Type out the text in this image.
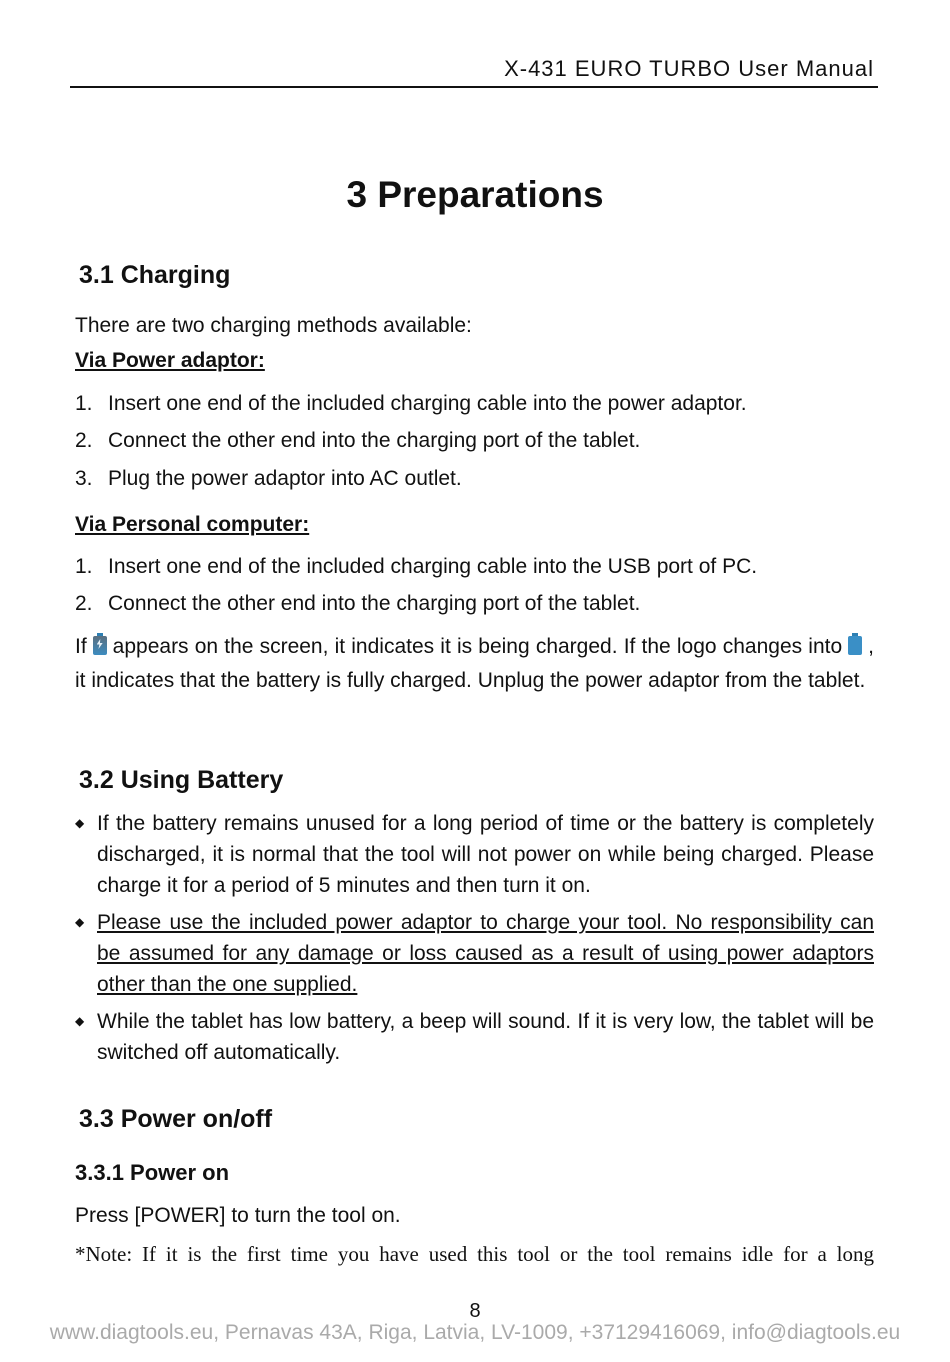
X-431 EURO TURBO User Manual
3 Preparations
3.1 Charging
There are two charging methods available:
Via Power adaptor:
1. Insert one end of the included charging cable into the power adaptor.
2. Connect the other end into the charging port of the tablet.
3. Plug the power adaptor into AC outlet.
Via Personal computer:
1. Insert one end of the included charging cable into the USB port of PC.
2. Connect the other end into the charging port of the tablet.
If appears on the screen, it indicates it is being charged. If the logo changes into , it indicates that the battery is fully charged. Unplug the power adaptor from the tablet.
3.2 Using Battery
◆ If the battery remains unused for a long period of time or the battery is completely discharged, it is normal that the tool will not power on while being charged. Please charge it for a period of 5 minutes and then turn it on.
◆ Please use the included power adaptor to charge your tool. No responsibility can be assumed for any damage or loss caused as a result of using power adaptors other than the one supplied.
◆ While the tablet has low battery, a beep will sound. If it is very low, the tablet will be switched off automatically.
3.3 Power on/off
3.3.1 Power on
Press [POWER] to turn the tool on.
*Note: If it is the first time you have used this tool or the tool remains idle for a long
8
www.diagtools.eu, Pernavas 43A, Riga, Latvia, LV-1009, +37129416069, info@diagtools.eu
